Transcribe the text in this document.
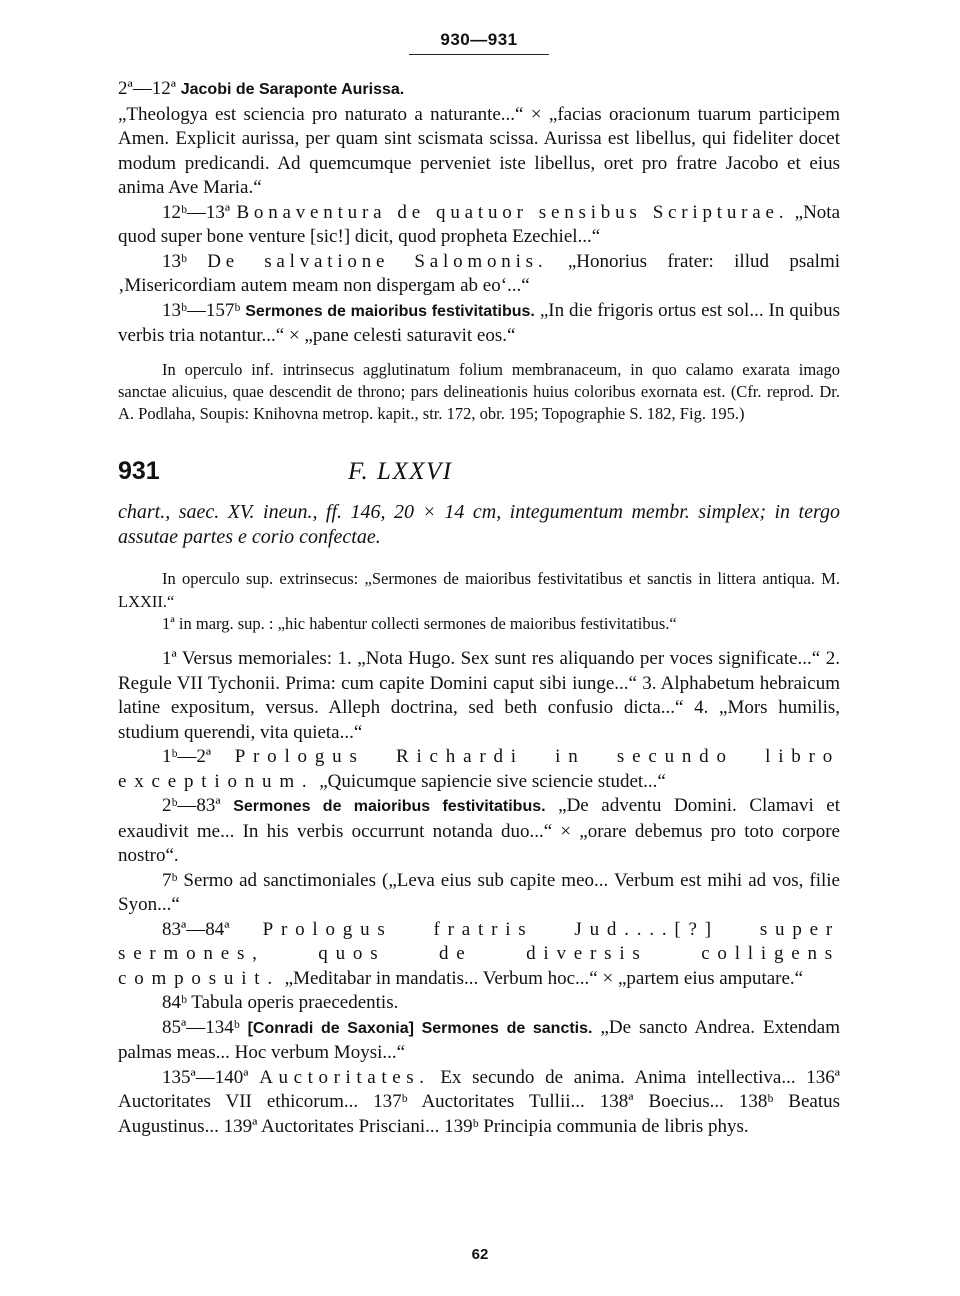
930—931

2ª—12ª Jacobi de Saraponte Aurissa.
„Theologya est sciencia pro naturato a naturante...“ × „facias oracionum tuarum participem Amen. Explicit aurissa, per quam sint scismata scissa. Aurissa est libellus, qui fideliter docet modum predicandi. Ad quemcumque perveniet iste libellus, oret pro fratre Jacobo et eius anima Ave Maria.“

12ᵇ—13ª Bonaventura de quatuor sensibus Scripturae. „Nota quod super bone venture [sic!] dicit, quod propheta Ezechiel...“

13ᵇ De salvatione Salomonis. „Honorius frater: illud psalmi ‚Misericordiam autem meam non dispergam ab eo‘...“

13ᵇ—157ᵇ Sermones de maioribus festivitatibus. „In die frigoris ortus est sol... In quibus verbis tria notantur...“ × „pane celesti saturavit eos.“

In operculo inf. intrinsecus agglutinatum folium membranaceum, in quo calamo exarata imago sanctae alicuius, quae descendit de throno; pars delineationis huius coloribus exornata est. (Cfr. reprod. Dr. A. Podlaha, Soupis: Knihovna metrop. kapit., str. 172, obr. 195; Topographie S. 182, Fig. 195.)

931	F. LXXVI

chart., saec. XV. ineun., ff. 146, 20 × 14 cm, integumentum membr. simplex; in tergo assutae partes e corio confectae.

In operculo sup. extrinsecus: „Sermones de maioribus festivitatibus et sanctis in littera antiqua. M. LXXII.“

1ª in marg. sup. : „hic habentur collecti sermones de maioribus festivitatibus.“

1ª Versus memoriales: 1. „Nota Hugo. Sex sunt res aliquando per voces significate...“ 2. Regule VII Tychonii. Prima: cum capite Domini caput sibi iunge...“ 3. Alphabetum hebraicum latine expositum, versus. Alleph doctrina, sed beth confusio dicta...“ 4. „Mors humilis, studium querendi, vita quieta...“

1ᵇ—2ª Prologus Richardi in secundo libro exceptionum. „Quicumque sapiencie sive sciencie studet...“

2ᵇ—83ª Sermones de maioribus festivitatibus. „De adventu Domini. Clamavi et exaudivit me... In his verbis occurrunt notanda duo...“ × „orare debemus pro toto corpore nostro“.

7ᵇ Sermo ad sanctimoniales („Leva eius sub capite meo... Verbum est mihi ad vos, filie Syon...“

83ª—84ª Prologus fratris Jud....[?] super sermones, quos de diversis colligens composuit. „Meditabar in mandatis... Verbum hoc...“ × „partem eius amputare.“

84ᵇ Tabula operis praecedentis.

85ª—134ᵇ [Conradi de Saxonia] Sermones de sanctis. „De sancto Andrea. Extendam palmas meas... Hoc verbum Moysi...“

135ª—140ª Auctoritates. Ex secundo de anima. Anima intellectiva... 136ª Auctoritates VII ethicorum... 137ᵇ Auctoritates Tullii... 138ª Boecius... 138ᵇ Beatus Augustinus... 139ª Auctoritates Prisciani... 139ᵇ Principia communia de libris phys.

62
